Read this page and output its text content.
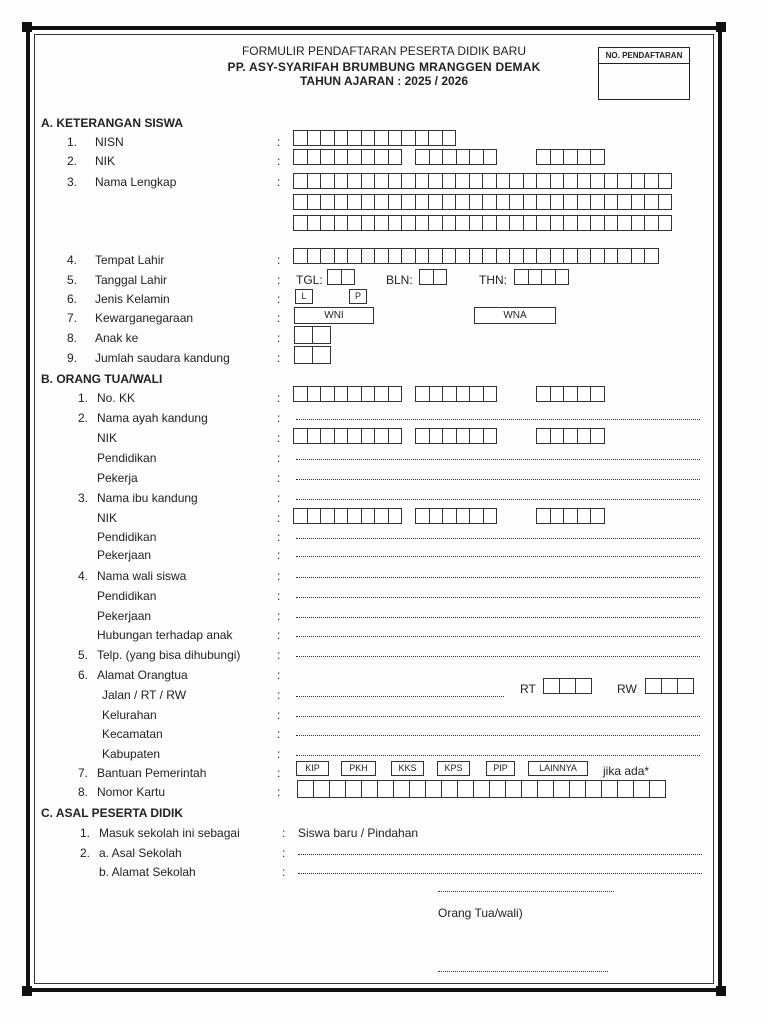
FORMULIR PENDAFTARAN PESERTA DIDIK BARU
PP. ASY-SYARIFAH BRUMBUNG MRANGGEN DEMAK
TAHUN AJARAN : 2025 / 2026
NO. PENDAFTARAN
A. KETERANGAN SISWA
1. NISN	:
2. NIK	:
3. Nama Lengkap	:
4. Tempat Lahir	:
5. Tanggal Lahir	: TGL:	BLN:	THN:
6. Jenis Kelamin	:	L	P
7. Kewarganegaraan	:	WNI	WNA
8. Anak ke	:
9. Jumlah saudara kandung	:
B. ORANG TUA/WALI
1. No. KK	:
2. Nama ayah kandung	:
NIK	:
Pendidikan	:
Pekerja	:
3. Nama ibu kandung	:
NIK	:
Pendidikan	:
Pekerjaan	:
4. Nama wali siswa	:
Pendidikan	:
Pekerjaan	:
Hubungan terhadap anak	:
5. Telp. (yang bisa dihubungi)	:
6. Alamat Orangtua	:
Jalan / RT / RW	:	RT	RW
Kelurahan	:
Kecamatan	:
Kabupaten	:
7. Bantuan Pemerintah	:	KIP	PKH	KKS	KPS	PIP	LAINNYA	jika ada*
8. Nomor Kartu	:
C. ASAL PESERTA DIDIK
1. Masuk sekolah ini sebagai	: Siswa baru / Pindahan
2. a. Asal Sekolah	:
b. Alamat Sekolah	:
Orang Tua/wali)
